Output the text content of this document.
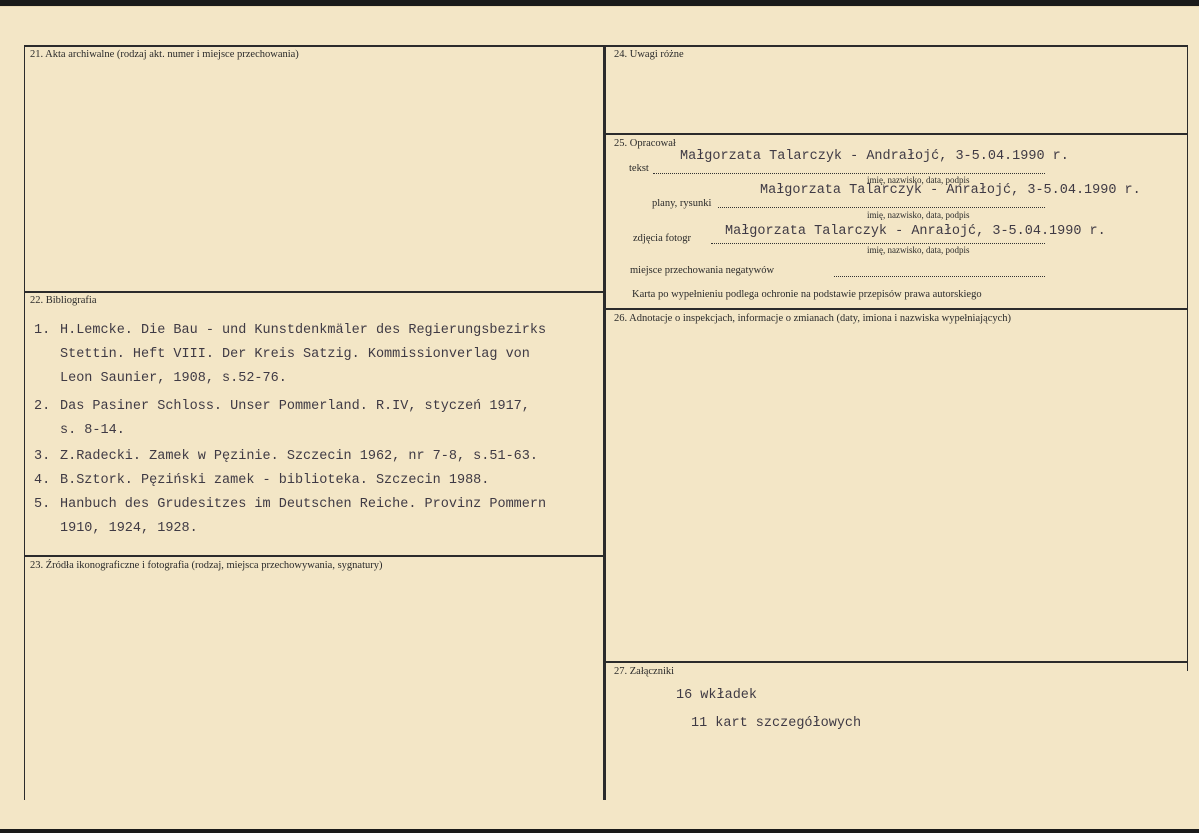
21. Akta archiwalne (rodzaj akt. numer i miejsce przechowania)
22. Bibliografia
1. H.Lemcke. Die Bau - und Kunstdenkmäler des Regierungsbezirks
Stettin. Heft VIII. Der Kreis Satzig. Kommissionverlag von
Leon Saunier, 1908, s.52-76.
2. Das Pasiner Schloss. Unser Pommerland. R.IV, styczeń 1917,
s. 8-14.
3. Z.Radecki. Zamek w Pęzinie. Szczecin 1962, nr 7-8, s.51-63.
4. B.Sztork. Pęziński zamek - biblioteka. Szczecin 1988.
5. Hanbuch des Grudesitzes im Deutschen Reiche. Provinz Pommern
1910, 1924, 1928.
23. Źródła ikonograficzne i fotografia (rodzaj, miejsca przechowywania, sygnatury)
24. Uwagi różne
25. Opracował
tekst
Małgorzata Talarczyk - Andrałojć, 3-5.04.1990 r.
imię, nazwisko, data, podpis
plany, rysunki
Małgorzata Talarczyk - Anrałojć, 3-5.04.1990 r.
imię, nazwisko, data, podpis
zdjęcia fotogr	Małgorzata Talarczyk - Anrałojć, 3-5.04.1990 r.
imię, nazwisko, data, podpis
miejsce przechowania negatywów
Karta po wypełnieniu podlega ochronie na podstawie przepisów prawa autorskiego
26. Adnotacje o inspekcjach, informacje o zmianach (daty, imiona i nazwiska wypełniających)
27. Załączniki
16 wkładek
11 kart szczegółowych
